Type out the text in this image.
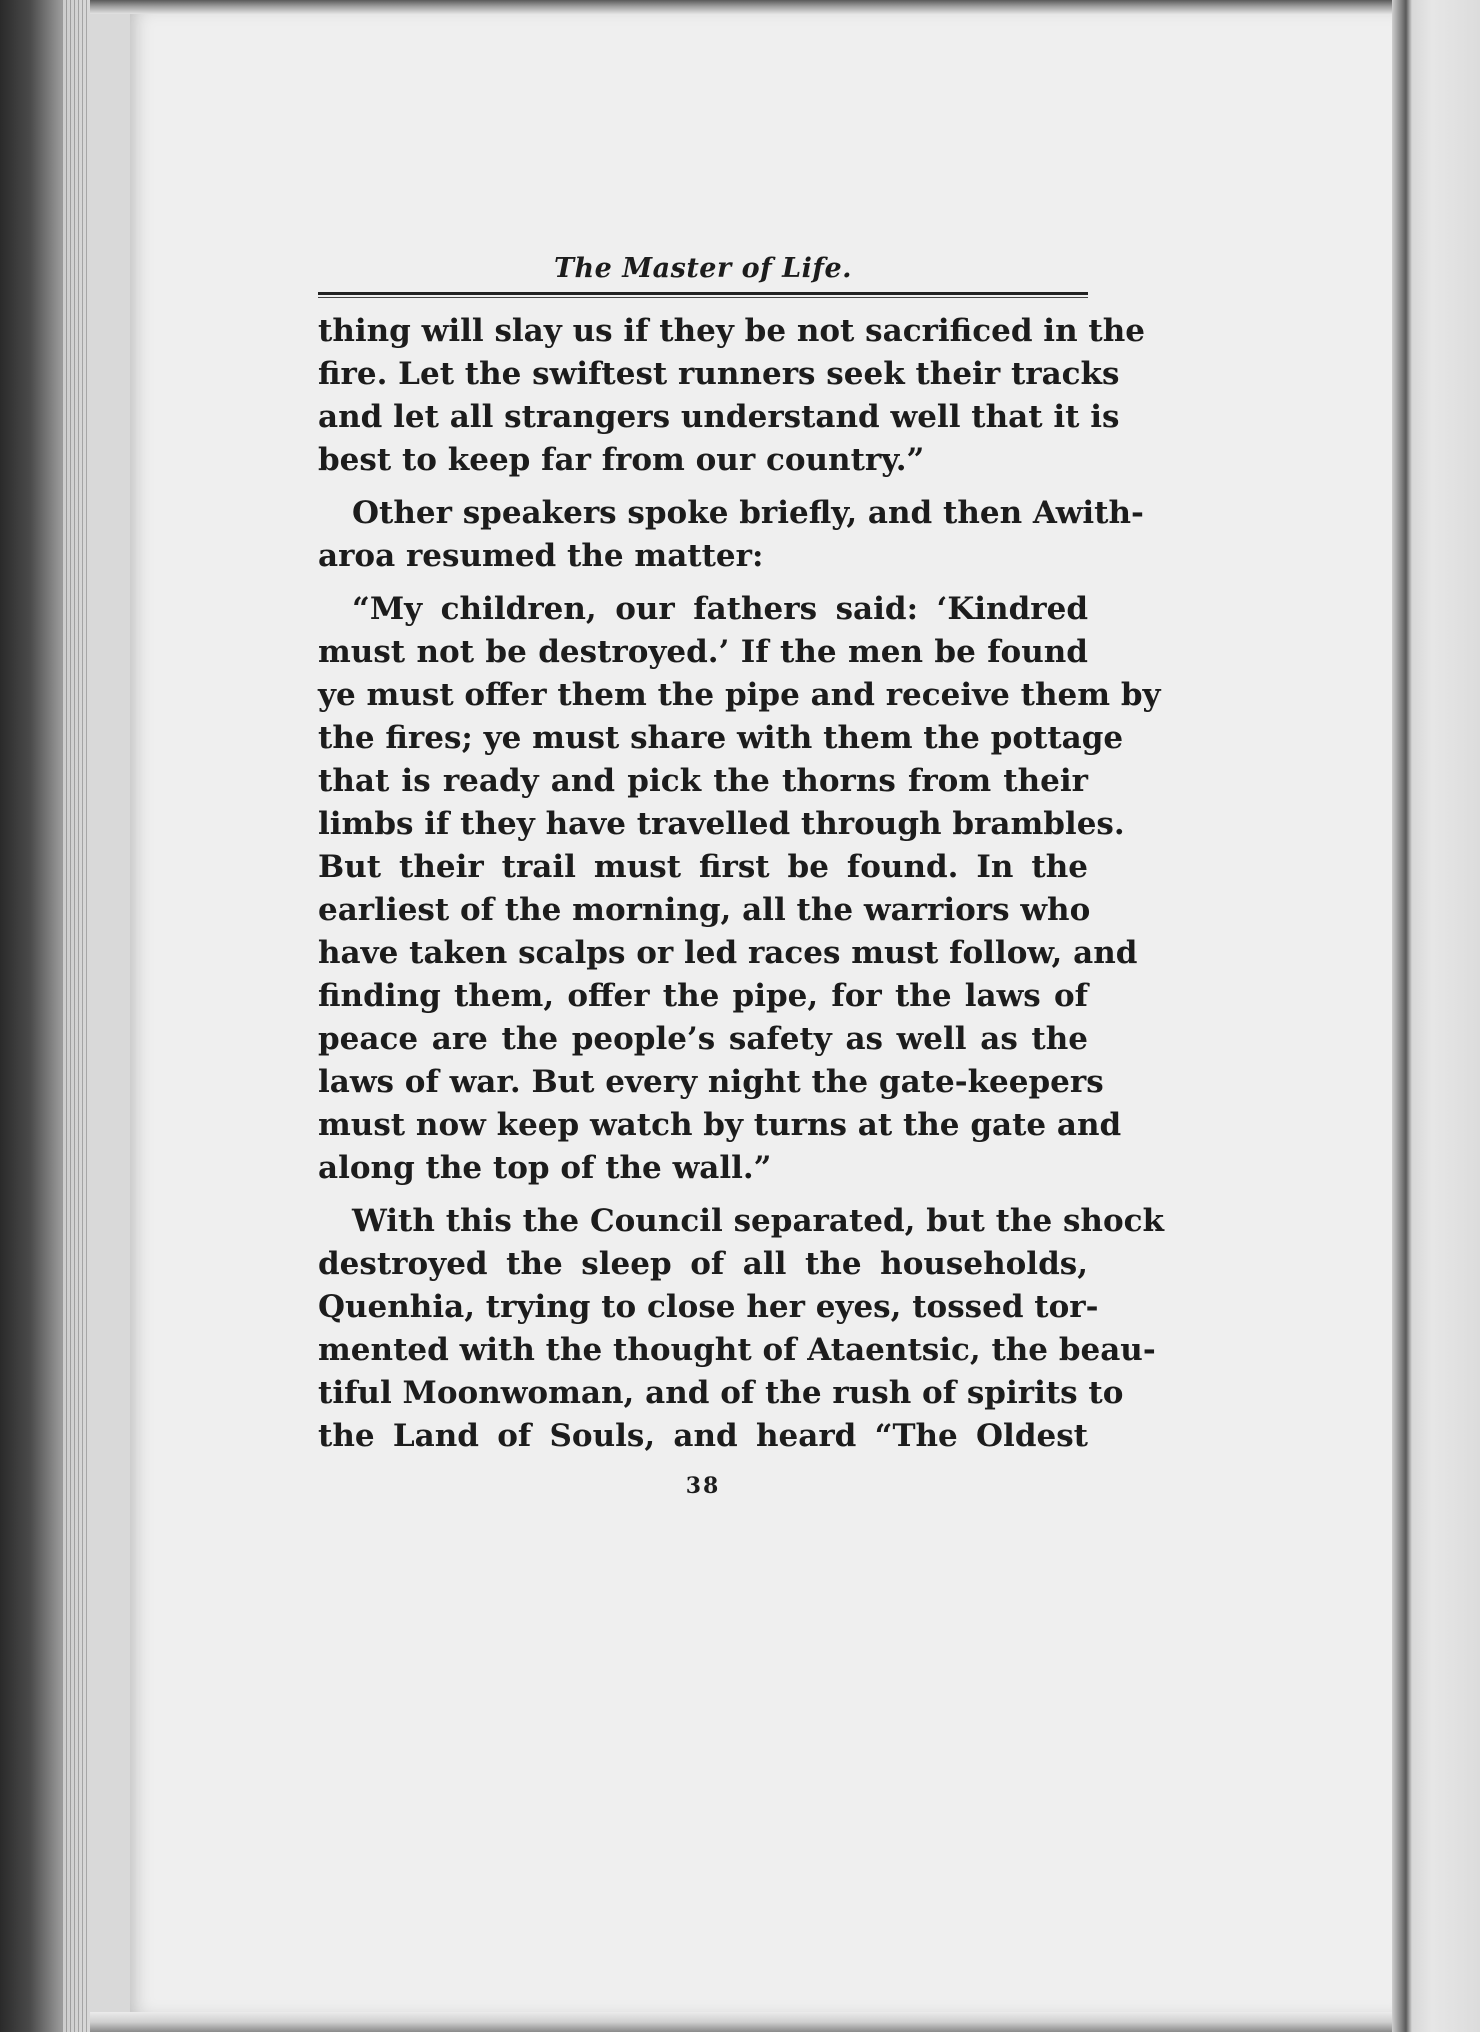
The Master of Life.
thing will slay us if they be not sacrificed in the
fire. Let the swiftest runners seek their tracks
and let all strangers understand well that it is
best to keep far from our country.”
Other speakers spoke briefly, and then Awith-
aroa resumed the matter:
“My children, our fathers said: ‘Kindred
must not be destroyed.’ If the men be found
ye must offer them the pipe and receive them by
the fires; ye must share with them the pottage
that is ready and pick the thorns from their
limbs if they have travelled through brambles.
But their trail must first be found. In the
earliest of the morning, all the warriors who
have taken scalps or led races must follow, and
finding them, offer the pipe, for the laws of
peace are the people’s safety as well as the
laws of war. But every night the gate-keepers
must now keep watch by turns at the gate and
along the top of the wall.”
With this the Council separated, but the shock
destroyed the sleep of all the households,
Quenhia, trying to close her eyes, tossed tor-
mented with the thought of Ataentsic, the beau-
tiful Moonwoman, and of the rush of spirits to
the Land of Souls, and heard “The Oldest
38
